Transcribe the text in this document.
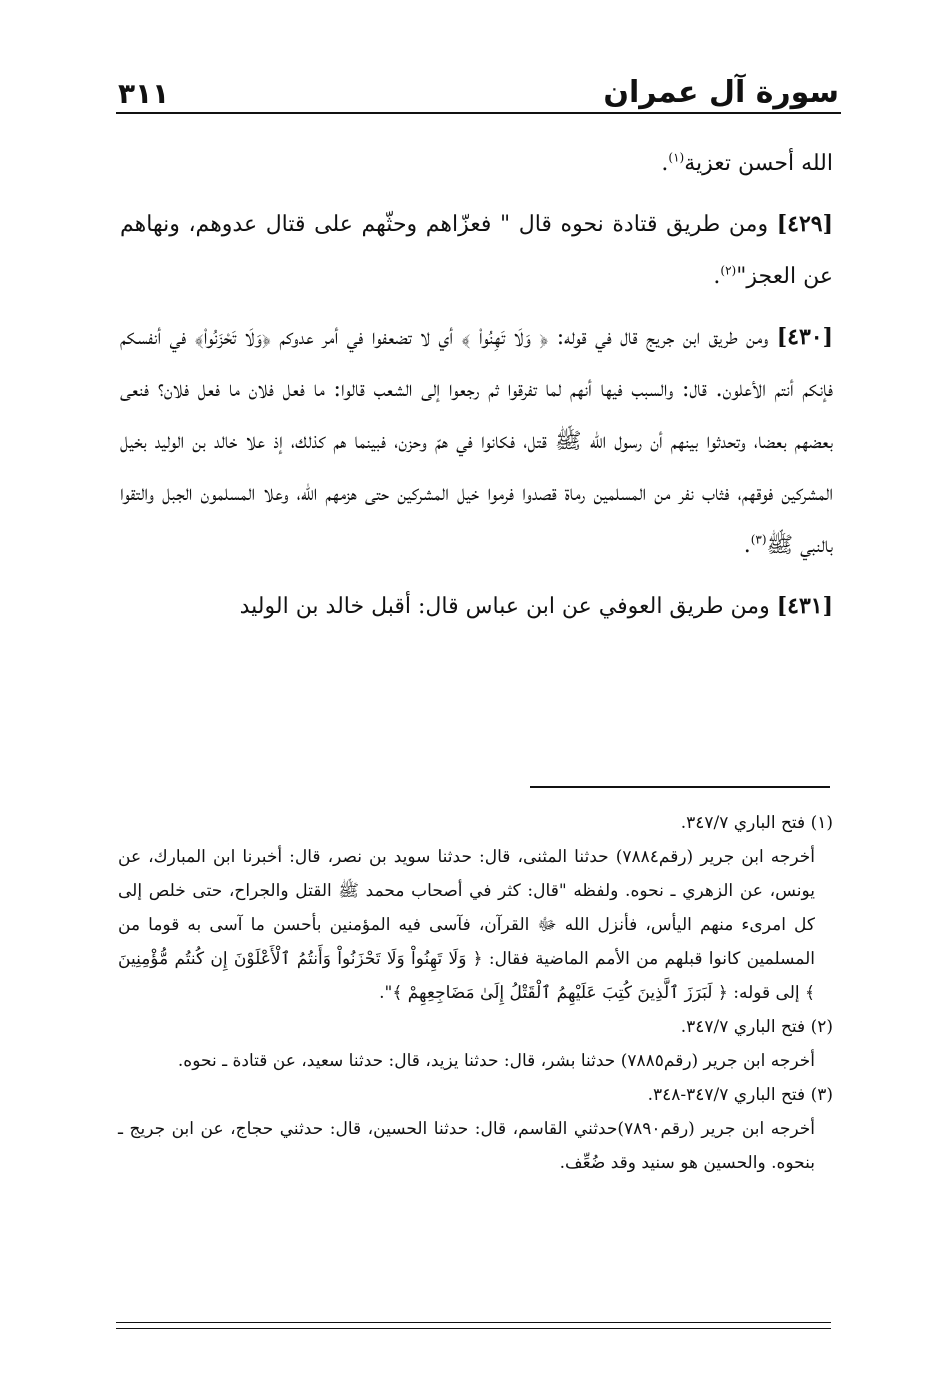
سورة آل عمران
٣١١

الله أحسن تعزية$^{(١)}$.

[٤٢٩] ومن طريق قتادة نحوه قال " فعزّاهم وحثّهم على قتال عدوهم، ونهاهم عن العجز"$^{(٢)}$.

[٤٣٠] ومن طريق ابن جريج قال في قوله: ﴿ وَلَا تَهِنُواْ ﴾ أي لا تضعفوا في أمر عدوكم ﴿وَلَا تَحْزَنُواْ﴾ في أنفسكم فإنكم أنتم الأعلون. قال: والسبب فيها أنهم لما تفرقوا ثم رجعوا إلى الشعب قالوا: ما فعل فلان ما فعل فلان؟ فنعى بعضهم بعضا، وتحدثوا بينهم أن رسول الله ﷺ قتل، فكانوا في همّ وحزن، فبينما هم كذلك، إذ علا خالد بن الوليد بخيل المشركين فوقهم، فثاب نفر من المسلمين رماة قصدوا فرموا خيل المشركين حتى هزمهم الله، وعلا المسلمون الجبل والتقوا بالنبي ﷺ$^{(٣)}$.

[٤٣١] ومن طريق العوفي عن ابن عباس قال: أقبل خالد بن الوليد

(١) فتح الباري ٣٤٧/٧.

أخرجه ابن جرير (رقم٧٨٨٤) حدثنا المثنى، قال: حدثنا سويد بن نصر، قال: أخبرنا ابن المبارك، عن يونس، عن الزهري ـ نحوه. ولفظه "قال: كثر في أصحاب محمد ﷺ القتل والجراح، حتى خلص إلى كل امرىء منهم اليأس، فأنزل الله ﷻ القرآن، فآسى فيه المؤمنين بأحسن ما آسى به قوما من المسلمين كانوا قبلهم من الأمم الماضية فقال: ﴿ وَلَا تَهِنُواْ وَلَا تَحْزَنُواْ وَأَنتُمُ ٱلْأَعْلَوْنَ إِن كُنتُم مُّؤْمِنِينَ ﴾ إلى قوله: ﴿ لَبَرَزَ ٱلَّذِينَ كُتِبَ عَلَيْهِمُ ٱلْقَتْلُ إِلَىٰ مَضَاجِعِهِمْ ﴾".

(٢) فتح الباري ٣٤٧/٧.

أخرجه ابن جرير (رقم٧٨٨٥) حدثنا بشر، قال: حدثنا يزيد، قال: حدثنا سعيد، عن قتادة ـ نحوه.

(٣) فتح الباري ٣٤٧/٧-٣٤٨.

أخرجه ابن جرير (رقم٧٨٩٠)حدثني القاسم، قال: حدثنا الحسين، قال: حدثني حجاج، عن ابن جريج ـ بنحوه. والحسين هو سنيد وقد ضُعِّف.
